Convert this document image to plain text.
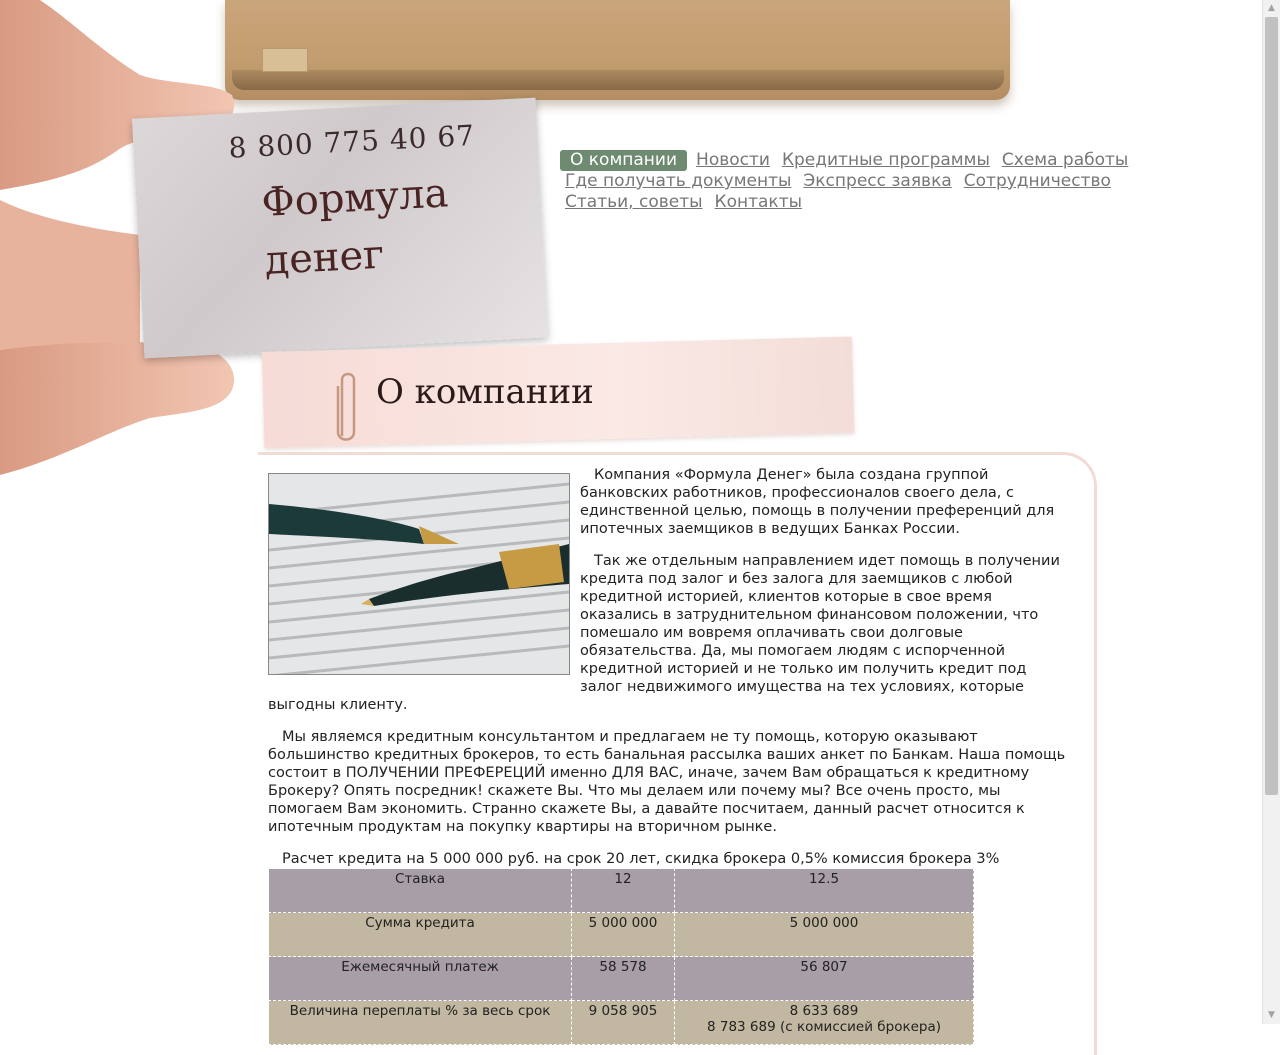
8 800 775 40 67

Формула денег

О компании Новости Кредитные программы Схема работы
Где получать документы Экспресс заявка Сотрудничество
Статьи, советы Контакты
О компании

Компания «Формула Денег» была создана группой банковских работников, профессионалов своего дела, с единственной целью, помощь в получении преференций для ипотечных заемщиков в ведущих Банках России.

Так же отдельным направлением идет помощь в получении кредита под залог и без залога для заемщиков с любой кредитной историей, клиентов которые в свое время оказались в затруднительном финансовом положении, что помешало им вовремя оплачивать свои долговые обязательства. Да, мы помогаем людям с испорченной кредитной историей и не только им получить кредит под залог недвижимого имущества на тех условиях, которые выгодны клиенту.

Мы являемся кредитным консультантом и предлагаем не ту помощь, которую оказывают большинство кредитных брокеров, то есть банальная рассылка ваших анкет по Банкам. Наша помощь состоит в ПОЛУЧЕНИИ ПРЕФЕРЕЦИЙ именно ДЛЯ ВАС, иначе, зачем Вам обращаться к кредитному Брокеру? Опять посредник! скажете Вы. Что мы делаем или почему мы? Все очень просто, мы помогаем Вам экономить. Странно скажете Вы, а давайте посчитаем, данный расчет относится к ипотечным продуктам на покупку квартиры на вторичном рынке.

Расчет кредита на 5 000 000 руб. на срок 20 лет, скидка брокера 0,5% комиссия брокера 3%

Ставка	12	12.5
Сумма кредита	5 000 000	5 000 000
Ежемесячный платеж	58 578	56 807
Величина переплаты % за весь срок	9 058 905	8 633 689
8 783 689 (с комиссией брокера)
▲
▼
